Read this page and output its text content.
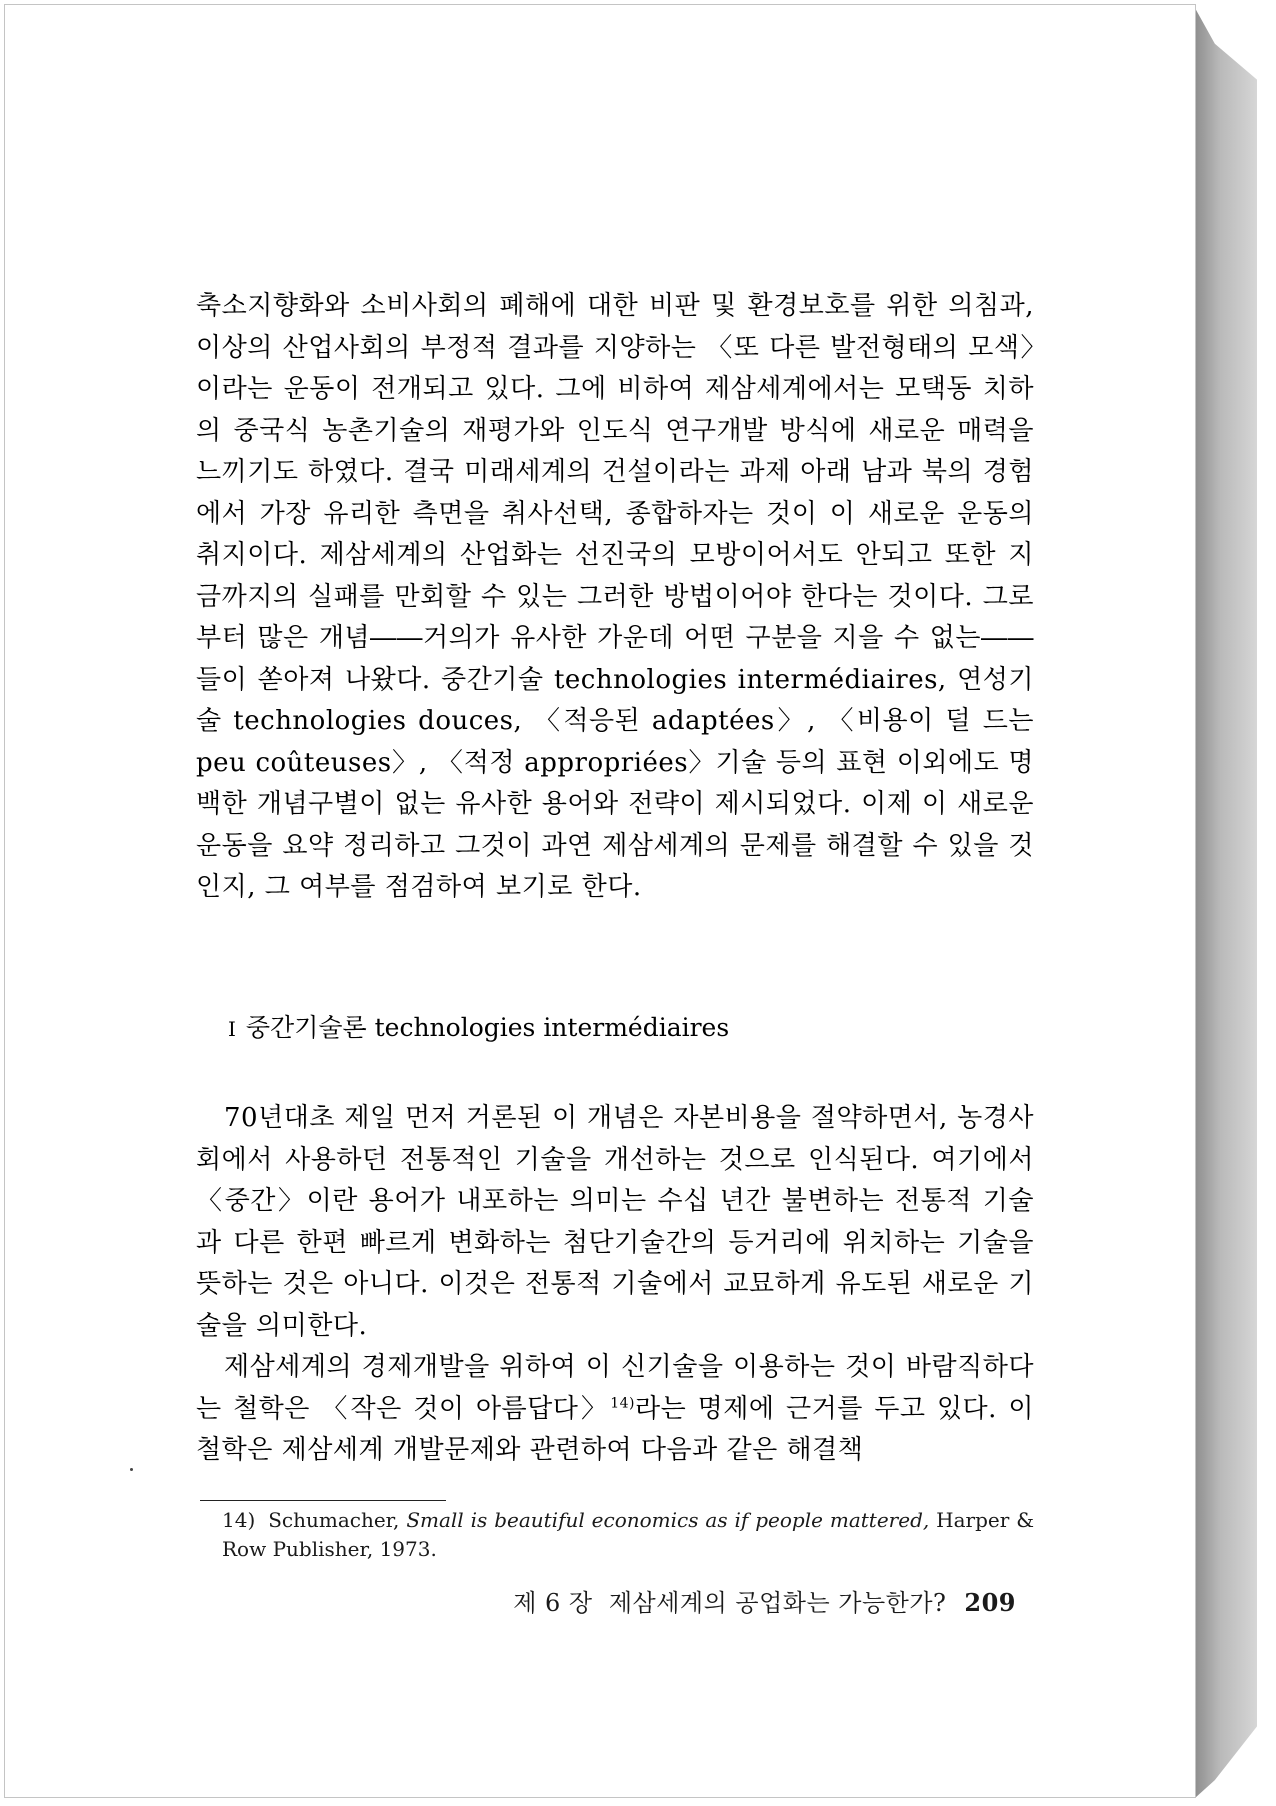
축소지향화와 소비사회의 폐해에 대한 비판 및 환경보호를 위한 의침과, 이상의 산업사회의 부정적 결과를 지양하는 〈또 다른 발전형태의 모색〉이라는 운동이 전개되고 있다. 그에 비하여 제삼세계에서는 모택동 치하의 중국식 농촌기술의 재평가와 인도식 연구개발 방식에 새로운 매력을 느끼기도 하였다. 결국 미래세계의 건설이라는 과제 아래 남과 북의 경험에서 가장 유리한 측면을 취사선택, 종합하자는 것이 이 새로운 운동의 취지이다. 제삼세계의 산업화는 선진국의 모방이어서도 안되고 또한 지금까지의 실패를 만회할 수 있는 그러한 방법이어야 한다는 것이다. 그로부터 많은 개념――거의가 유사한 가운데 어떤 구분을 지을 수 없는――들이 쏟아져 나왔다. 중간기술 technologies intermédiaires, 연성기술 technologies douces, 〈적응된 adaptées〉, 〈비용이 덜 드는 peu coûteuses〉, 〈적정 appropriées〉기술 등의 표현 이외에도 명백한 개념구별이 없는 유사한 용어와 전략이 제시되었다. 이제 이 새로운 운동을 요약 정리하고 그것이 과연 제삼세계의 문제를 해결할 수 있을 것인지, 그 여부를 점검하여 보기로 한다.

I 중간기술론 technologies intermédiaires

70년대초 제일 먼저 거론된 이 개념은 자본비용을 절약하면서, 농경사회에서 사용하던 전통적인 기술을 개선하는 것으로 인식된다. 여기에서 〈중간〉이란 용어가 내포하는 의미는 수십 년간 불변하는 전통적 기술과 다른 한편 빠르게 변화하는 첨단기술간의 등거리에 위치하는 기술을 뜻하는 것은 아니다. 이것은 전통적 기술에서 교묘하게 유도된 새로운 기술을 의미한다.

제삼세계의 경제개발을 위하여 이 신기술을 이용하는 것이 바람직하다는 철학은 〈작은 것이 아름답다〉$^{14)}$라는 명제에 근거를 두고 있다. 이 철학은 제삼세계 개발문제와 관련하여 다음과 같은 해결책

14) Schumacher, Small is beautiful economics as if people mattered, Harper & Row Publisher, 1973.

제 6 장 제삼세계의 공업화는 가능한가? 209
